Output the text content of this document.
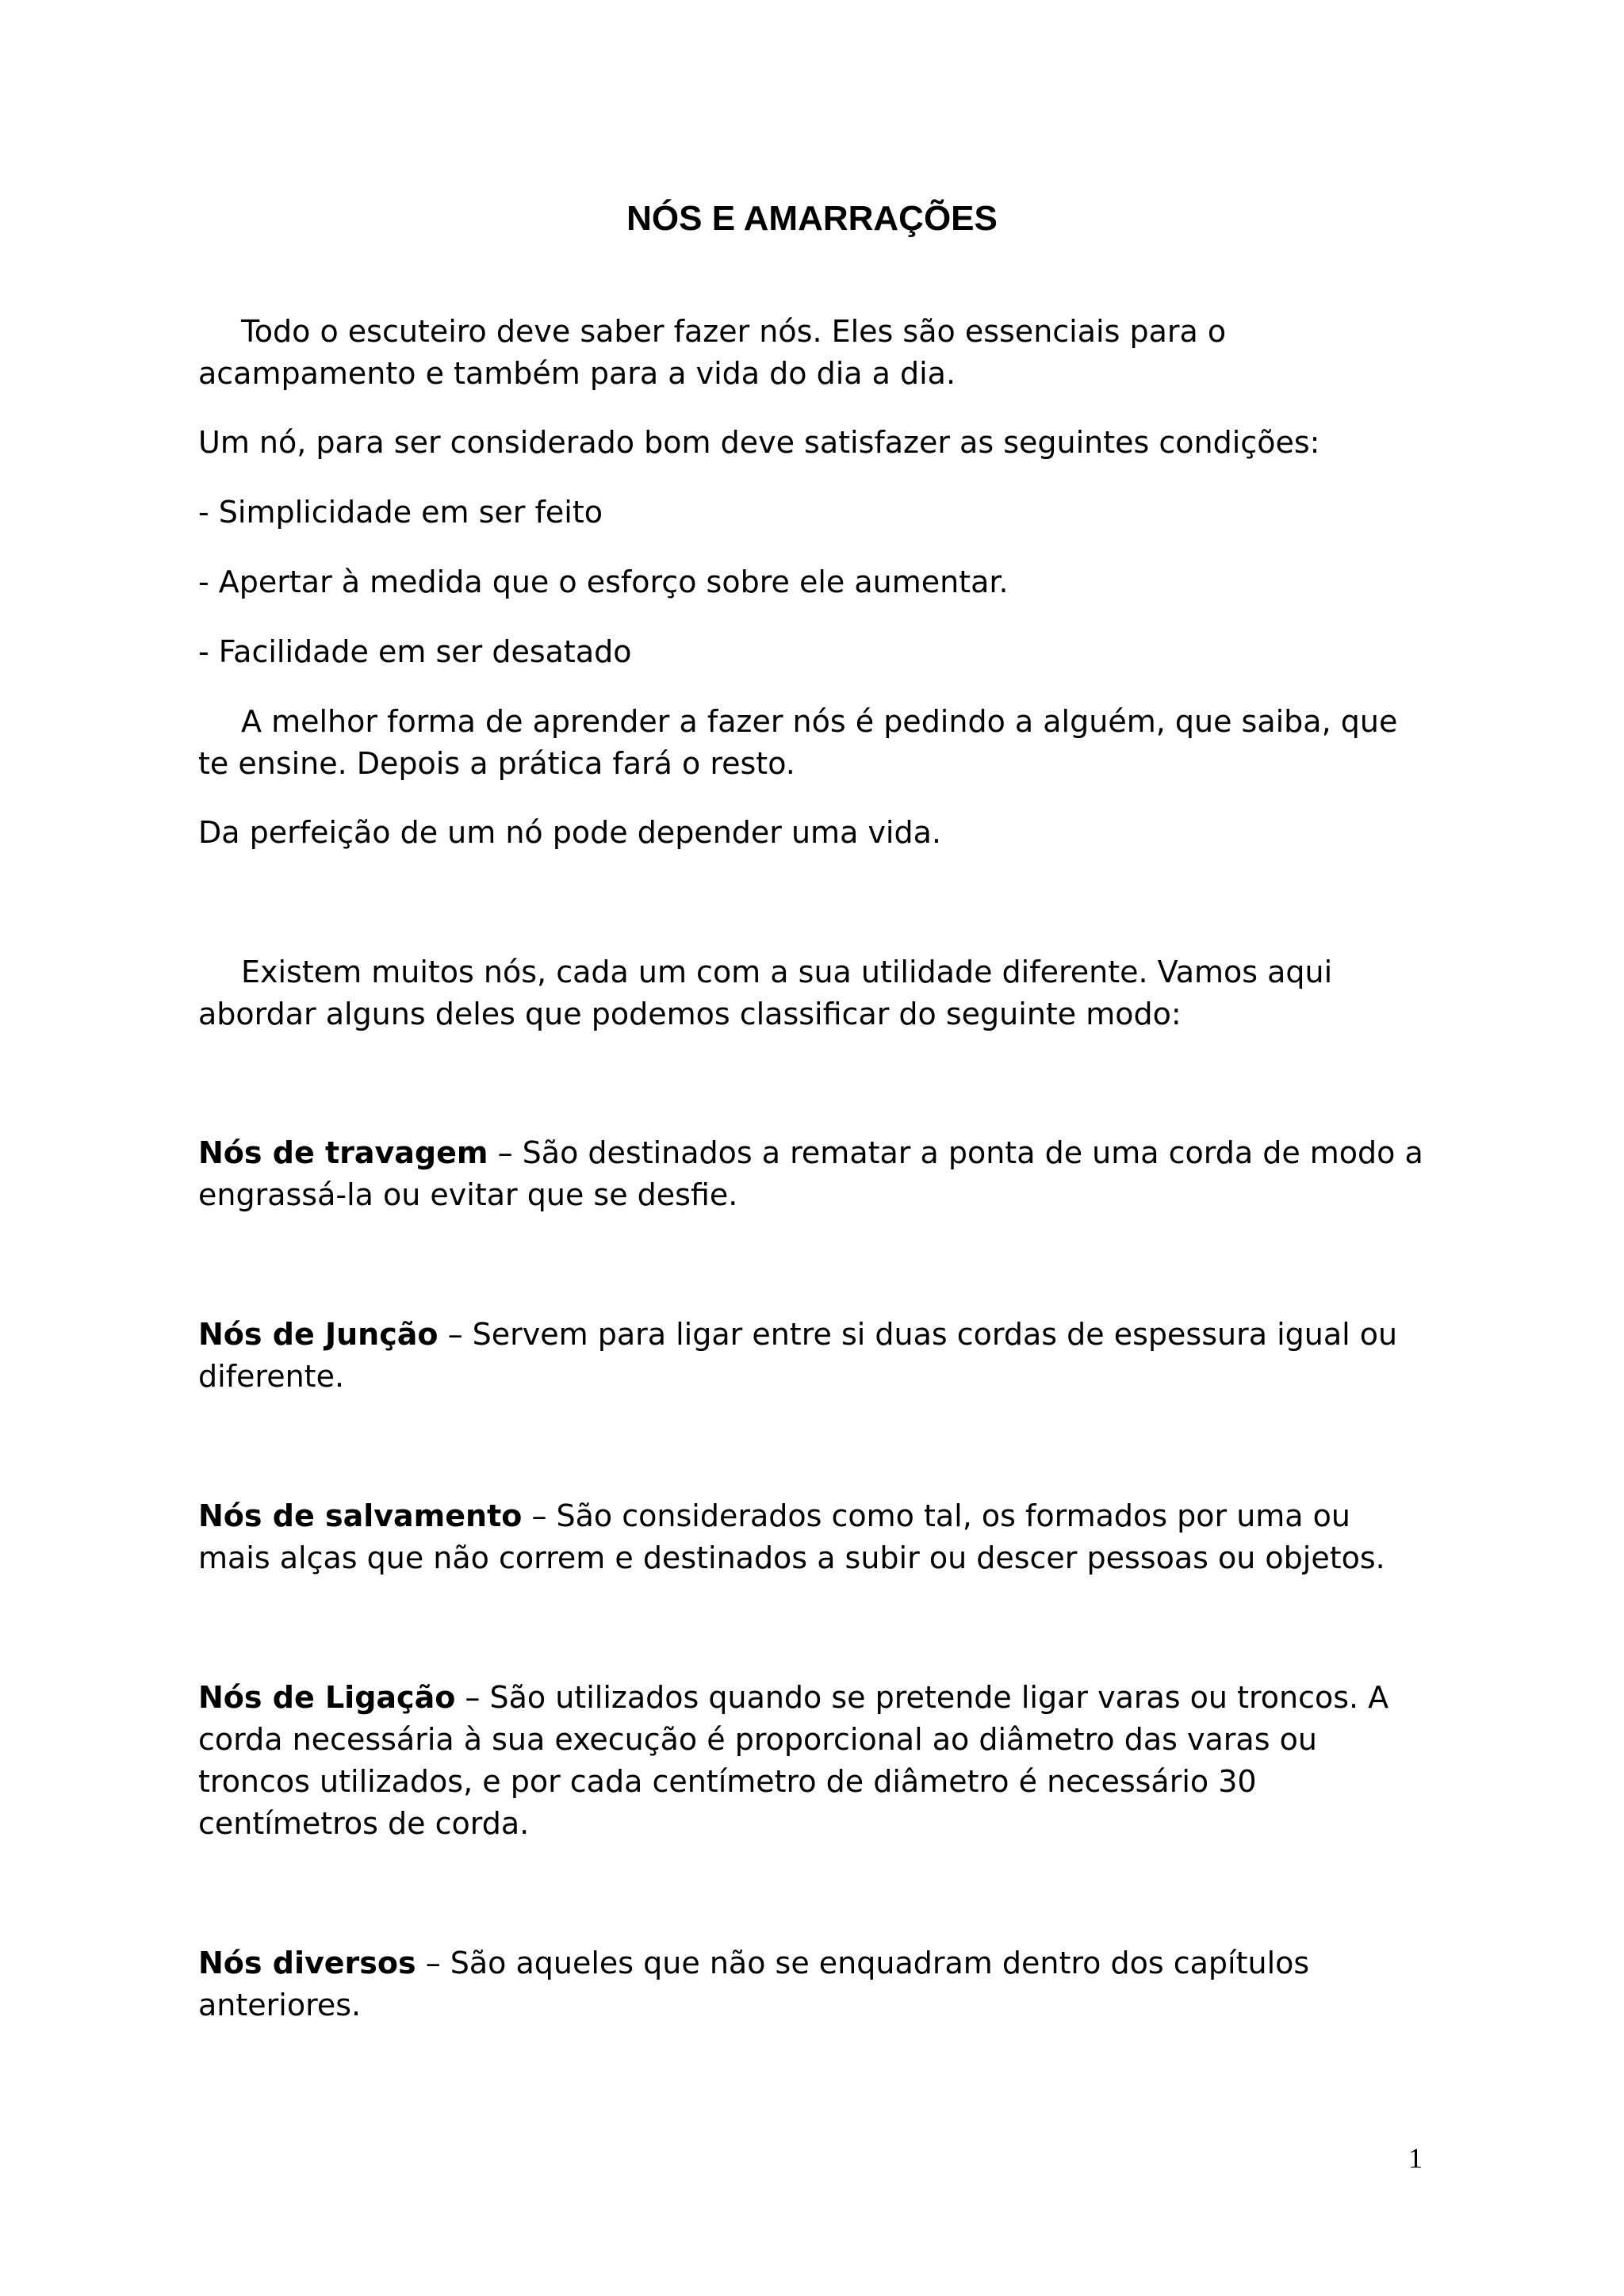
NÓS E AMARRAÇÕES

Todo o escuteiro deve saber fazer nós. Eles são essenciais para o
acampamento e também para a vida do dia a dia.

Um nó, para ser considerado bom deve satisfazer as seguintes condições:

- Simplicidade em ser feito

- Apertar à medida que o esforço sobre ele aumentar.

- Facilidade em ser desatado

A melhor forma de aprender a fazer nós é pedindo a alguém, que saiba, que
te ensine. Depois a prática fará o resto.

Da perfeição de um nó pode depender uma vida.

Existem muitos nós, cada um com a sua utilidade diferente. Vamos aqui
abordar alguns deles que podemos classificar do seguinte modo:

Nós de travagem – São destinados a rematar a ponta de uma corda de modo a
engrassá-la ou evitar que se desfie.

Nós de Junção – Servem para ligar entre si duas cordas de espessura igual ou
diferente.

Nós de salvamento – São considerados como tal, os formados por uma ou
mais alças que não correm e destinados a subir ou descer pessoas ou objetos.

Nós de Ligação – São utilizados quando se pretende ligar varas ou troncos. A
corda necessária à sua execução é proporcional ao diâmetro das varas ou
troncos utilizados, e por cada centímetro de diâmetro é necessário 30
centímetros de corda.

Nós diversos – São aqueles que não se enquadram dentro dos capítulos
anteriores.

1
